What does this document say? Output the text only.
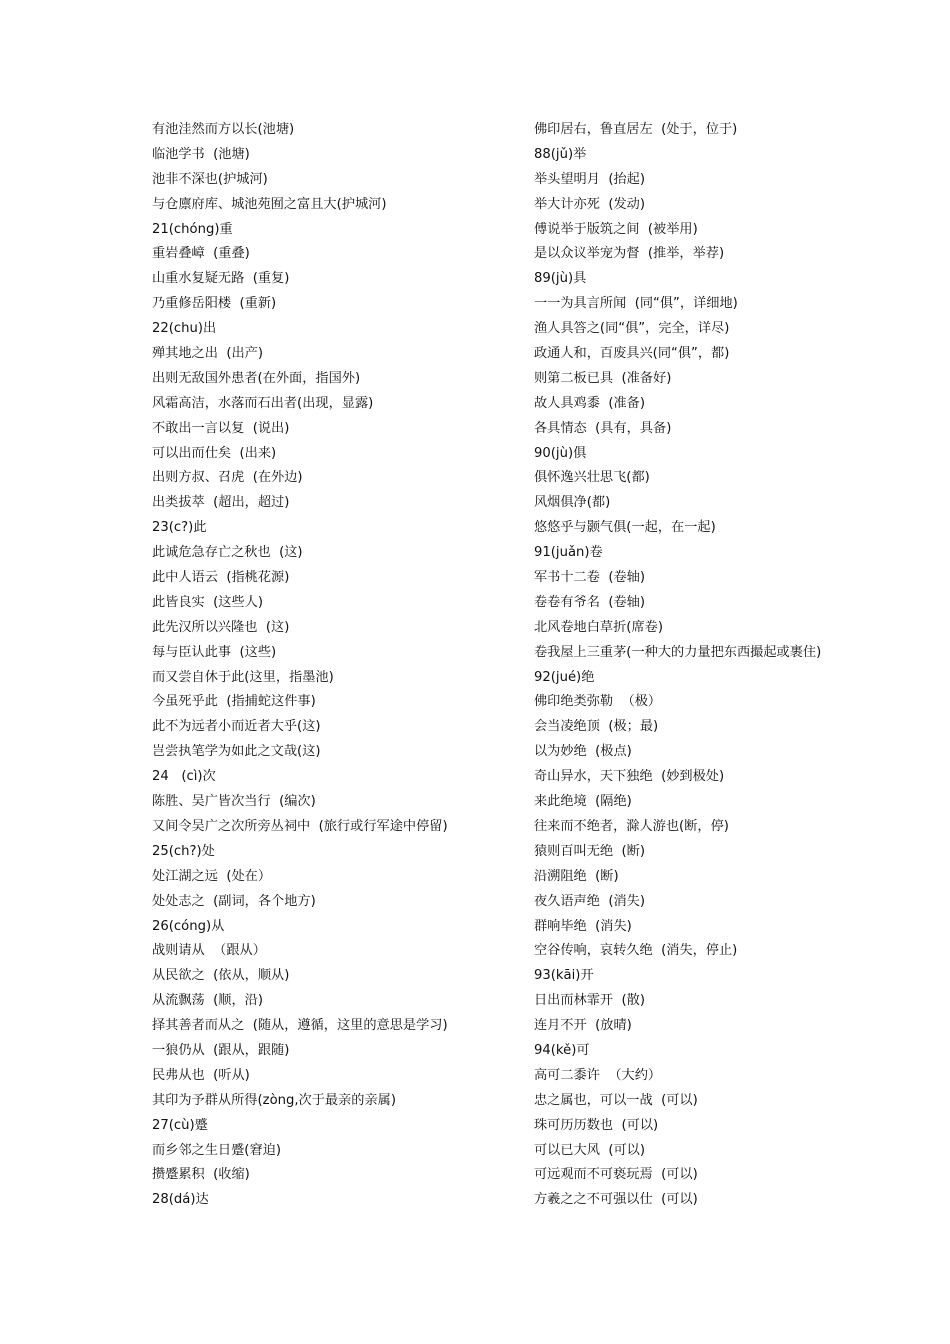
有池洼然而方以长(池塘)
临池学书  (池塘)
池非不深也(护城河)
与仓廪府库、城池苑囿之富且大(护城河)
21(chóng)重
重岩叠嶂  (重叠)
山重水复疑无路  (重复)
乃重修岳阳楼  (重新)
22(chu)出
殚其地之出  (出产)
出则无敌国外患者(在外面，指国外)
风霜高洁，水落而石出者(出现，显露)
不敢出一言以复  (说出)
可以出而仕矣  (出来)
出则方叔、召虎  (在外边)
出类拔萃  (超出，超过)
23(c?)此
此诚危急存亡之秋也  (这)
此中人语云  (指桃花源)
此皆良实  (这些人)
此先汉所以兴隆也  (这)
每与臣认此事  (这些)
而又尝自休于此(这里，指墨池)
今虽死乎此  (指捕蛇这件事)
此不为远者小而近者大乎(这)
岂尝执笔学为如此之文哉(这)
24   (cì)次
陈胜、吴广皆次当行  (编次)
又间令吴广之次所旁丛祠中  (旅行或行军途中停留)
25(ch?)处
处江湖之远  (处在）
处处志之  (副词，各个地方)
26(cóng)从
战则请从  （跟从）
从民欲之  (依从，顺从)
从流飘荡  (顺，沿)
择其善者而从之  (随从，遵循，这里的意思是学习)
一狼仍从  (跟从，跟随)
民弗从也  (听从)
其印为予群从所得(zòng,次于最亲的亲属)
27(cù)蹙
而乡邻之生日蹙(窘迫)
攒蹙累积  (收缩)
28(dá)达
佛印居右，鲁直居左  (处于，位于)
88(jǔ)举
举头望明月  (抬起)
举大计亦死  (发动)
傅说举于版筑之间  (被举用)
是以众议举宠为督  (推举，举荐)
89(jù)具
一一为具言所闻  (同“俱”，详细地)
渔人具答之(同“俱”，完全，详尽)
政通人和，百废具兴(同“俱”，都)
则第二板已具  (准备好)
故人具鸡黍  (准备)
各具情态  (具有，具备)
90(jù)俱
俱怀逸兴壮思飞(都)
风烟俱净(都)
悠悠乎与颢气俱(一起，在一起)
91(juǎn)卷
军书十二卷  (卷轴)
卷卷有爷名  (卷轴)
北风卷地白草折(席卷)
卷我屋上三重茅(一种大的力量把东西撮起或裹住)
92(jué)绝
佛印绝类弥勒  （极）
会当凌绝顶  (极；最)
以为妙绝  (极点)
奇山异水，天下独绝  (妙到极处)
来此绝境  (隔绝)
往来而不绝者，滁人游也(断，停)
猿则百叫无绝  (断)
沿溯阻绝  (断)
夜久语声绝  (消失)
群响毕绝  (消失)
空谷传响，哀转久绝  (消失，停止)
93(kāi)开
日出而林霏开  (散)
连月不开  (放晴)
94(kě)可
高可二黍许  （大约）
忠之属也，可以一战  (可以)
珠可历历数也  (可以)
可以已大风  (可以)
可远观而不可亵玩焉  (可以)
方羲之之不可强以仕  (可以)
